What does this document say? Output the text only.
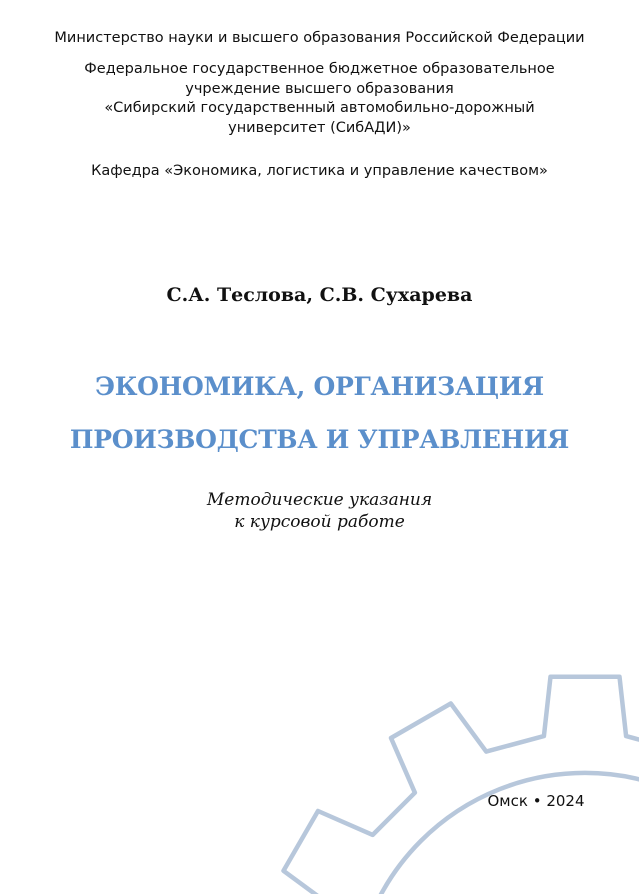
Министерство науки и высшего образования Российской Федерации
Федеральное государственное бюджетное образовательное
учреждение высшего образования
«Сибирский государственный автомобильно-дорожный
университет (СибАДИ)»
Кафедра «Экономика, логистика и управление качеством»
С.А. Теслова, С.В. Сухарева
ЭКОНОМИКА, ОРГАНИЗАЦИЯ
ПРОИЗВОДСТВА И УПРАВЛЕНИЯ
Методические указания
к курсовой работе
Омск • 2024
